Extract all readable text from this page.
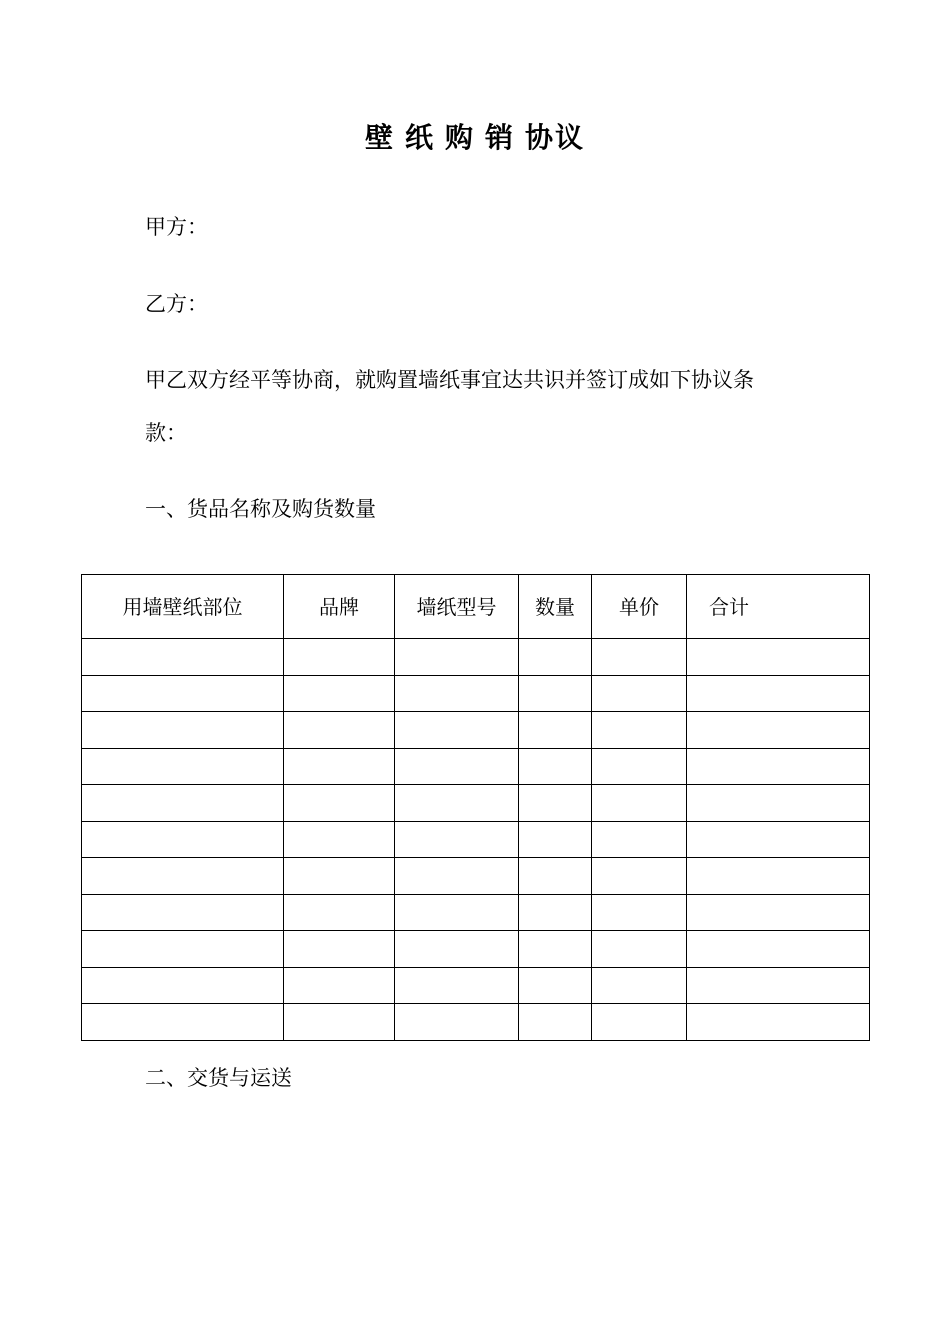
壁 纸 购 销 协议
甲方：
乙方：
甲乙双方经平等协商，就购置墙纸事宜达共识并签订成如下协议条
款：
一、货品名称及购货数量
用墙壁纸部位	品牌	墙纸型号	数量	单价	合计

二、交货与运送
